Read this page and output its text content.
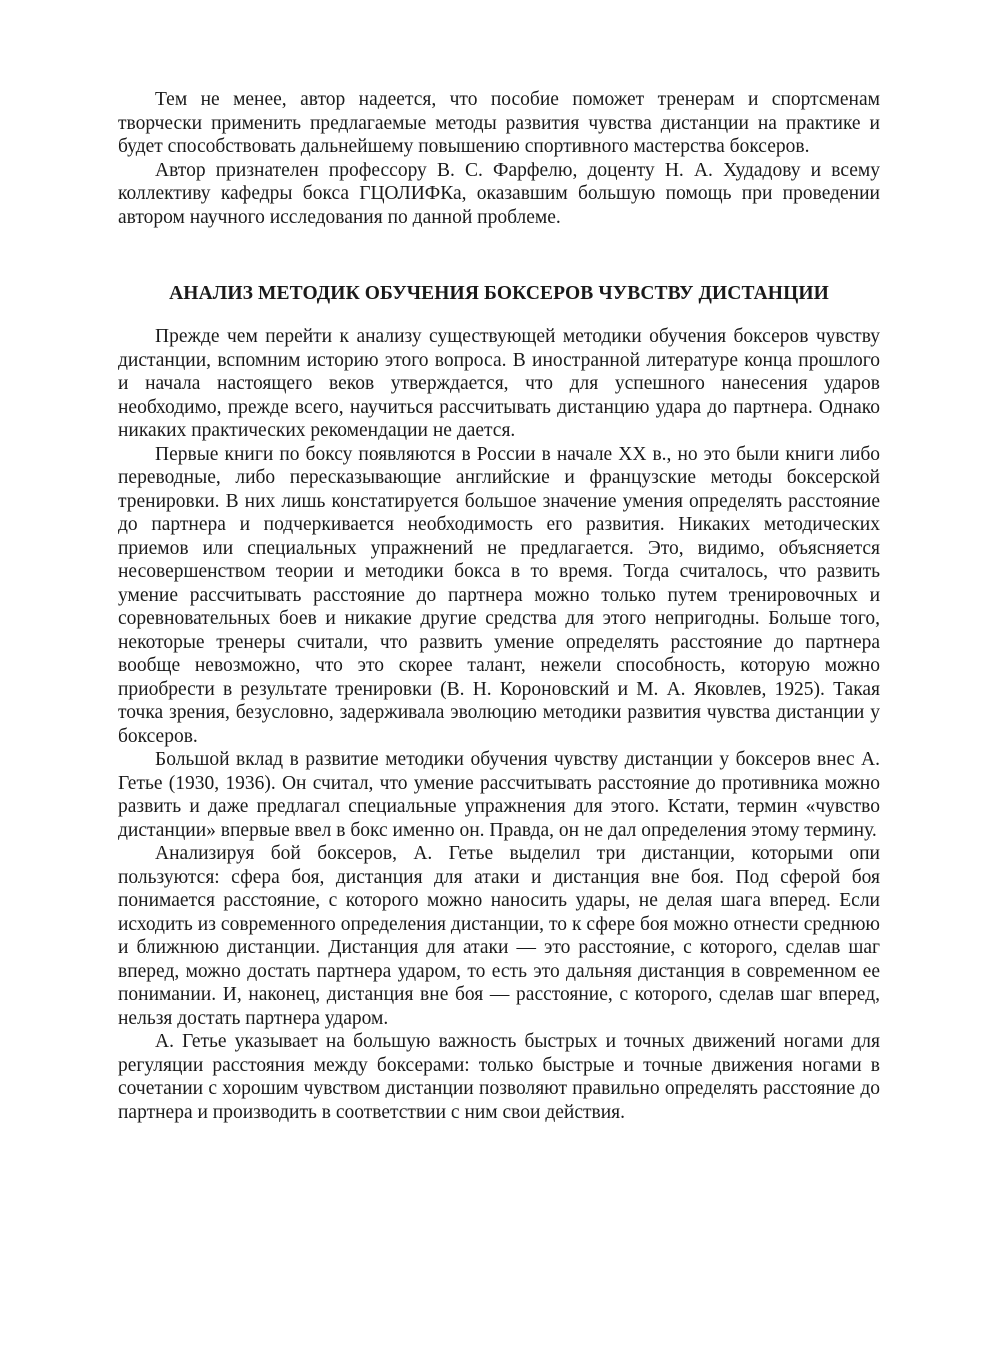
Тем не менее, автор надеется, что пособие поможет тренерам и спортсменам творчески применить предлагаемые методы развития чувства дистанции на практике и будет способствовать дальнейшему повышению спортивного мастерства боксеров.

Автор признателен профессору В. С. Фарфелю, доценту Н. А. Худадову и всему коллективу кафедры бокса ГЦОЛИФКа, оказавшим большую помощь при проведении автором научного исследования по данной проблеме.

АНАЛИЗ МЕТОДИК ОБУЧЕНИЯ БОКСЕРОВ ЧУВСТВУ ДИСТАНЦИИ

Прежде чем перейти к анализу существующей методики обучения боксеров чувству дистанции, вспомним историю этого вопроса. В иностранной литературе конца прошлого и начала настоящего веков утверждается, что для успешного нанесения ударов необходимо, прежде всего, научиться рассчитывать дистанцию удара до партнера. Однако никаких практических рекомендации не дается.

Первые книги по боксу появляются в России в начале XX в., но это были книги либо переводные, либо пересказывающие английские и французские методы боксерской тренировки. В них лишь констатируется большое значение умения определять расстояние до партнера и подчеркивается необходимость его развития. Никаких методических приемов или специальных упражнений не предлагается. Это, видимо, объясняется несовершенством теории и методики бокса в то время. Тогда считалось, что развить умение рассчитывать расстояние до партнера можно только путем тренировочных и соревновательных боев и никакие другие средства для этого непригодны. Больше того, некоторые тренеры считали, что развить умение определять расстояние до партнера вообще невозможно, что это скорее талант, нежели способность, которую можно приобрести в результате тренировки (В. Н. Короновский и М. А. Яковлев, 1925). Такая точка зрения, безусловно, задерживала эволюцию методики развития чувства дистанции у боксеров.

Большой вклад в развитие методики обучения чувству дистанции у боксеров внес А. Гетье (1930, 1936). Он считал, что умение рассчитывать расстояние до противника можно развить и даже предлагал специальные упражнения для этого. Кстати, термин «чувство дистанции» впервые ввел в бокс именно он. Правда, он не дал определения этому термину.

Анализируя бой боксеров, А. Гетье выделил три дистанции, которыми опи пользуются: сфера боя, дистанция для атаки и дистанция вне боя. Под сферой боя понимается расстояние, с которого можно наносить удары, не делая шага вперед. Если исходить из современного определения дистанции, то к сфере боя можно отнести среднюю и ближнюю дистанции. Дистанция для атаки — это расстояние, с которого, сделав шаг вперед, можно достать партнера ударом, то есть это дальняя дистанция в современном ее понимании. И, наконец, дистанция вне боя — расстояние, с которого, сделав шаг вперед, нельзя достать партнера ударом.

А. Гетье указывает на большую важность быстрых и точных движений ногами для регуляции расстояния между боксерами: только быстрые и точные движения ногами в сочетании с хорошим чувством дистанции позволяют правильно определять расстояние до партнера и производить в соответствии с ним свои действия.
